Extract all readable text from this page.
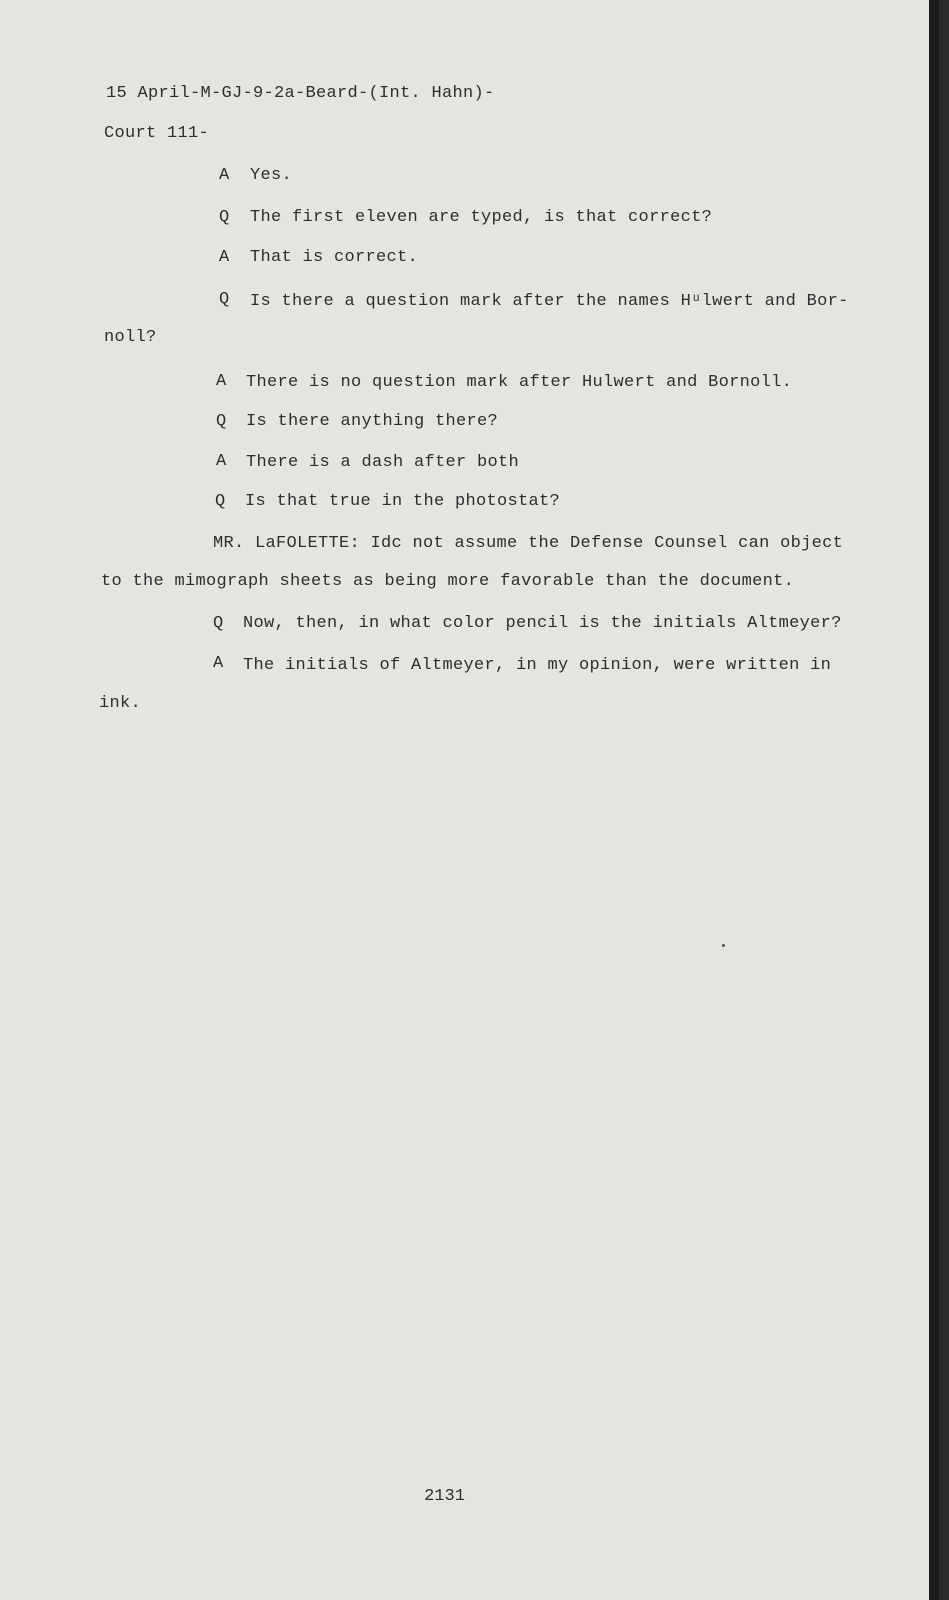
15 April-M-GJ-9-2a-Beard-(Int. Hahn)-
Court 111-
A Yes.
Q The first eleven are typed, is that correct?
A That is correct.
Q Is there a question mark after the names Hᵘlwert and Bor-
noll?
A There is no question mark after Hulwert and Bornoll.
Q Is there anything there?
A There is a dash after both
Q Is that true in the photostat?
MR. LaFOLETTE: Idc not assume the Defense Counsel can object
to the mimograph sheets as being more favorable than the document.
Q Now, then, in what color pencil is the initials Altmeyer?
A The initials of Altmeyer, in my opinion, were written in
ink.
2131
